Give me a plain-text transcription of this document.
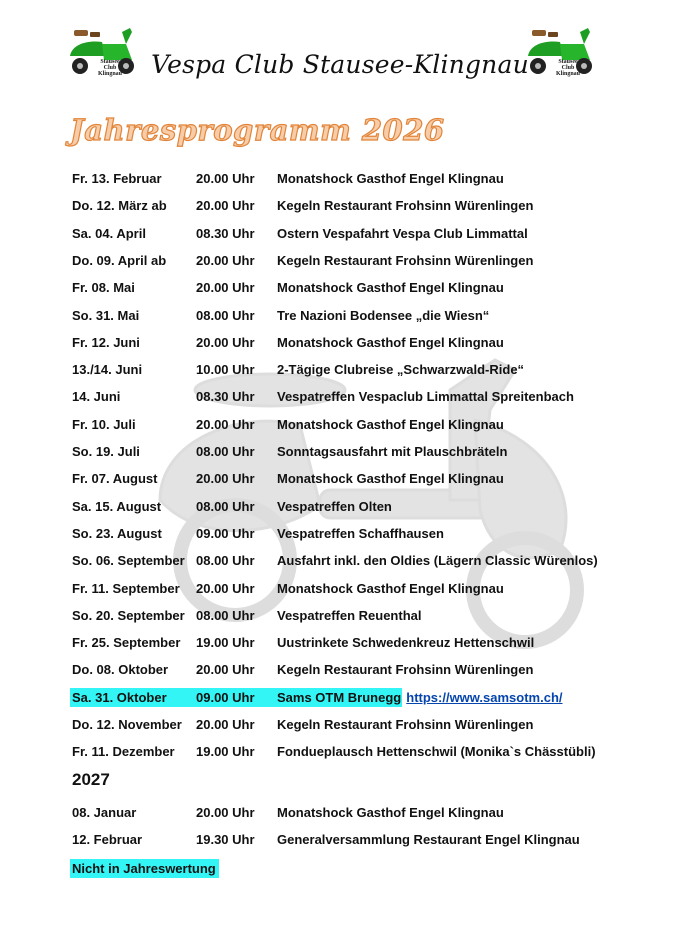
Stausee
Club
Klingnau
Stausee
Club
Klingnau
Vespa Club Stausee-Klingnau
Jahresprogramm 2026
Fr. 13. Februar	20.00 Uhr Monatshock Gasthof Engel Klingnau
Do. 12. März ab 20.00 Uhr Kegeln Restaurant Frohsinn Würenlingen
Sa. 04. April	08.30 Uhr Ostern Vespafahrt Vespa Club Limmattal
Do. 09. April ab 20.00 Uhr Kegeln Restaurant Frohsinn Würenlingen
Fr. 08. Mai	20.00 Uhr Monatshock Gasthof Engel Klingnau
So. 31. Mai	08.00 Uhr Tre Nazioni Bodensee „die Wiesn“
Fr. 12. Juni	20.00 Uhr Monatshock Gasthof Engel Klingnau
13./14. Juni	10.00 Uhr 2-Tägige Clubreise „Schwarzwald-Ride“
14. Juni	08.30 Uhr Vespatreffen Vespaclub Limmattal Spreitenbach
Fr. 10. Juli	20.00 Uhr Monatshock Gasthof Engel Klingnau
So. 19. Juli	08.00 Uhr Sonntagsausfahrt mit Plauschbräteln
Fr. 07. August	20.00 Uhr Monatshock Gasthof Engel Klingnau
Sa. 15. August	08.00 Uhr Vespatreffen Olten
So. 23. August	09.00 Uhr Vespatreffen Schaffhausen
So. 06. September 08.00 Uhr Ausfahrt inkl. den Oldies (Lägern Classic Würenlos)
Fr. 11. September 20.00 Uhr Monatshock Gasthof Engel Klingnau
So. 20. September 08.00 Uhr Vespatreffen Reuenthal
Fr. 25. September 19.00 Uhr Uustrinkete Schwedenkreuz Hettenschwil
Do. 08. Oktober 20.00 Uhr Kegeln Restaurant Frohsinn Würenlingen
Sa. 31. Oktober 09.00 Uhr Sams OTM Brunegg https://www.samsotm.ch/
Do. 12. November 20.00 Uhr Kegeln Restaurant Frohsinn Würenlingen
Fr. 11. Dezember 19.00 Uhr Fondueplausch Hettenschwil (Monika`s Chässtübli)
2027
08. Januar	20.00 Uhr Monatshock Gasthof Engel Klingnau
12. Februar	19.30 Uhr Generalversammlung Restaurant Engel Klingnau
Nicht in Jahreswertung
